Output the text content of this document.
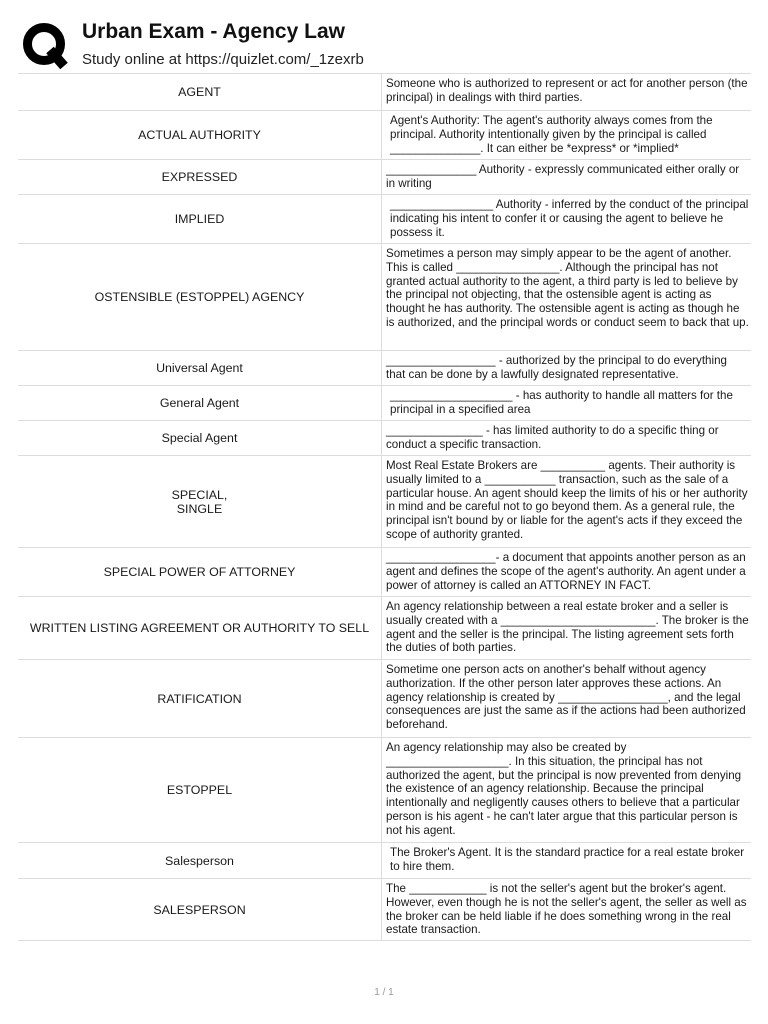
Urban Exam - Agency Law
Study online at https://quizlet.com/_1zexrb
AGENT
Someone who is authorized to represent or act for another person (the principal) in dealings with third parties.
ACTUAL AUTHORITY
Agent's Authority: The agent's authority always comes from the principal. Authority intentionally given by the principal is called ______________. It can either be *express* or *implied*
EXPRESSED
______________ Authority - expressly communicated either orally or in writing
IMPLIED
________________ Authority - inferred by the conduct of the principal indicating his intent to confer it or causing the agent to believe he possess it.
OSTENSIBLE (ESTOPPEL) AGENCY
Sometimes a person may simply appear to be the agent of another. This is called ________________. Although the principal has not granted actual authority to the agent, a third party is led to believe by the principal not objecting, that the ostensible agent is acting as thought he has authority. The ostensible agent is acting as though he is authorized, and the principal words or conduct seem to back that up.
Universal Agent
_________________ - authorized by the principal to do everything that can be done by a lawfully designated representative.
General Agent
___________________ - has authority to handle all matters for the principal in a specified area
Special Agent
_______________ - has limited authority to do a specific thing or conduct a specific transaction.
SPECIAL,
SINGLE
Most Real Estate Brokers are __________ agents. Their authority is usually limited to a ___________ transaction, such as the sale of a particular house. An agent should keep the limits of his or her authority in mind and be careful not to go beyond them. As a general rule, the principal isn't bound by or liable for the agent's acts if they exceed the scope of authority granted.
SPECIAL POWER OF ATTORNEY
_________________- a document that appoints another person as an agent and defines the scope of the agent's authority. An agent under a power of attorney is called an ATTORNEY IN FACT.
WRITTEN LISTING AGREEMENT OR AUTHORITY TO SELL
An agency relationship between a real estate broker and a seller is usually created with a ________________________. The broker is the agent and the seller is the principal. The listing agreement sets forth the duties of both parties.
RATIFICATION
Sometime one person acts on another's behalf without agency authorization. If the other person later approves these actions. An agency relationship is created by _________________, and the legal consequences are just the same as if the actions had been authorized beforehand.
ESTOPPEL
An agency relationship may also be created by ___________________. In this situation, the principal has not authorized the agent, but the principal is now prevented from denying the existence of an agency relationship. Because the principal intentionally and negligently causes others to believe that a particular person is his agent - he can't later argue that this particular person is not his agent.
Salesperson
The Broker's Agent. It is the standard practice for a real estate broker to hire them.
SALESPERSON
The ____________ is not the seller's agent but the broker's agent. However, even though he is not the seller's agent, the seller as well as the broker can be held liable if he does something wrong in the real estate transaction.
1 / 1
